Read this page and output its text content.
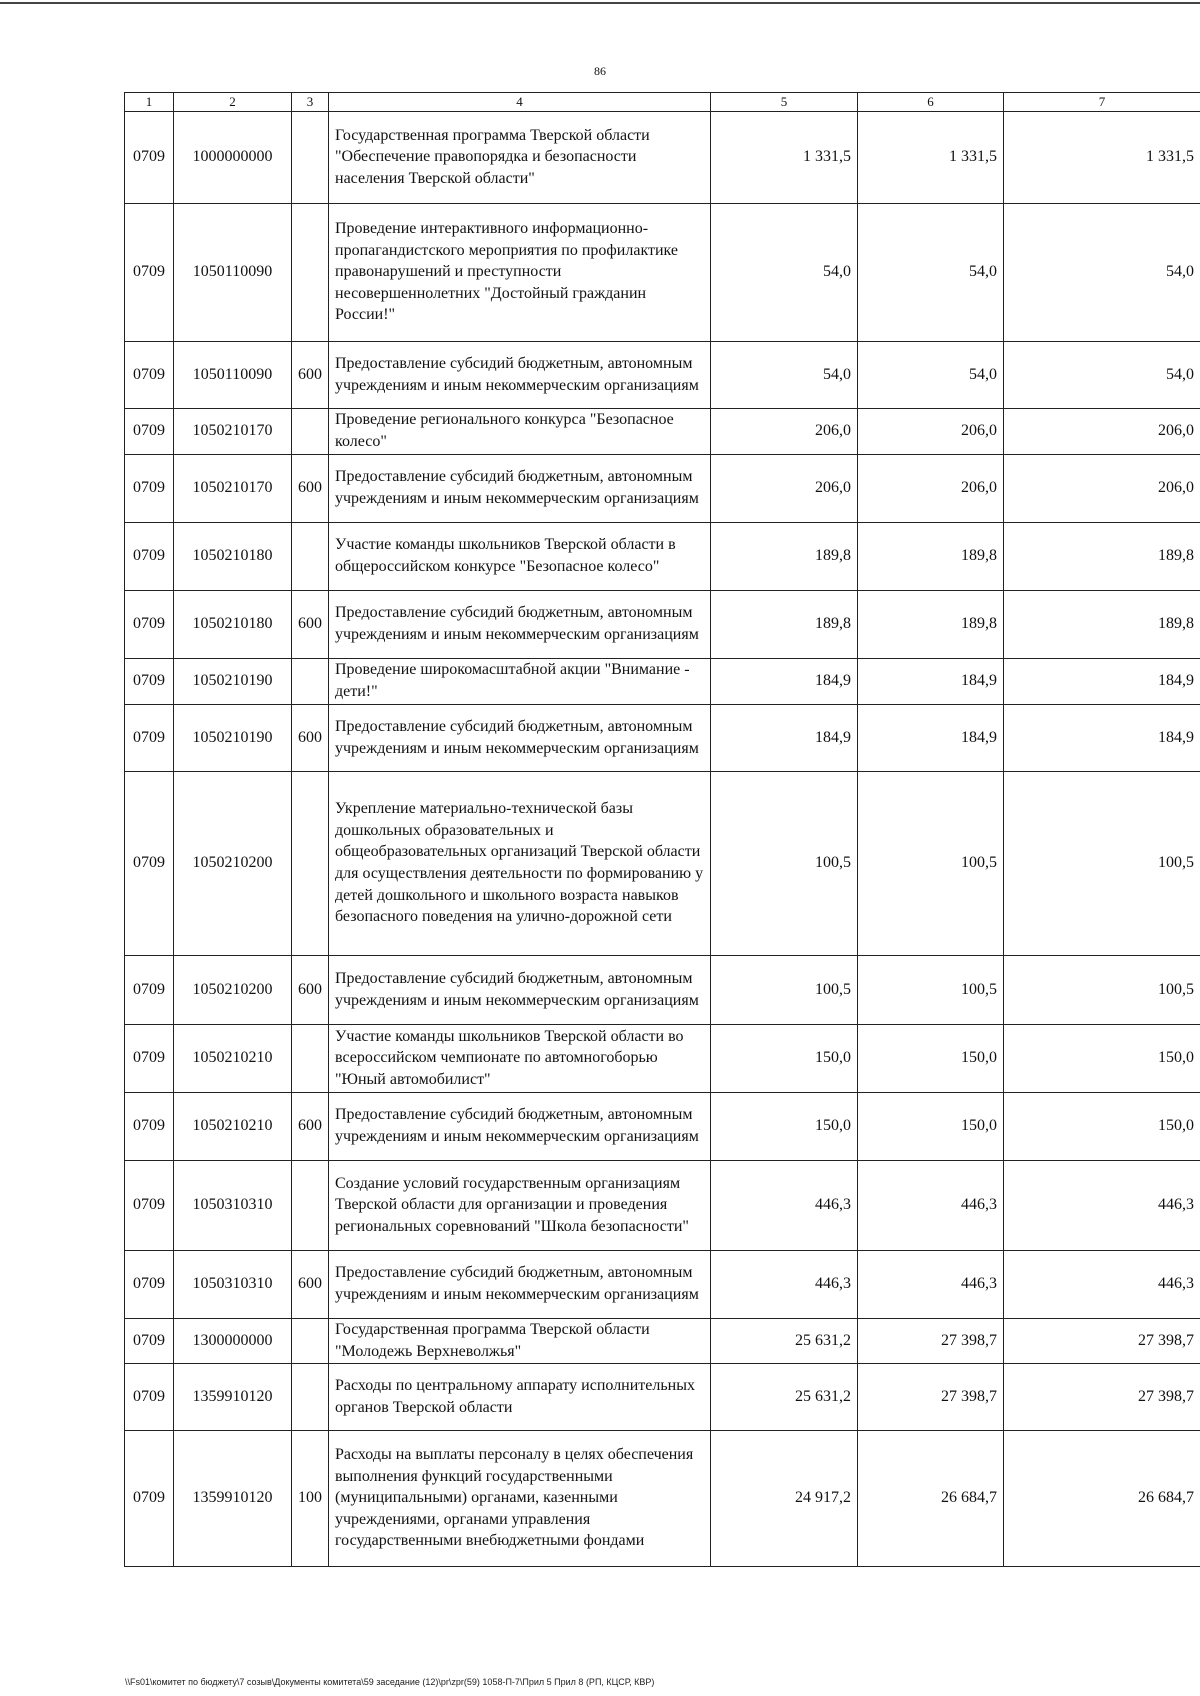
86
1	2	3	4	5	6	7
0709	1000000000		Государственная программа Тверской области "Обеспечение правопорядка и безопасности населения Тверской области"	1 331,5	1 331,5	1 331,5
0709	1050110090		Проведение интерактивного информационно-пропагандистского мероприятия по профилактике правонарушений и преступности несовершеннолетних "Достойный гражданин России!"	54,0	54,0	54,0
0709	1050110090	600	Предоставление субсидий бюджетным, автономным учреждениям и иным некоммерческим организациям	54,0	54,0	54,0
0709	1050210170		Проведение регионального конкурса "Безопасное колесо"	206,0	206,0	206,0
0709	1050210170	600	Предоставление субсидий бюджетным, автономным учреждениям и иным некоммерческим организациям	206,0	206,0	206,0
0709	1050210180		Участие команды школьников Тверской области в общероссийском конкурсе "Безопасное колесо"	189,8	189,8	189,8
0709	1050210180	600	Предоставление субсидий бюджетным, автономным учреждениям и иным некоммерческим организациям	189,8	189,8	189,8
0709	1050210190		Проведение широкомасштабной акции "Внимание - дети!"	184,9	184,9	184,9
0709	1050210190	600	Предоставление субсидий бюджетным, автономным учреждениям и иным некоммерческим организациям	184,9	184,9	184,9
0709	1050210200		Укрепление материально-технической базы дошкольных образовательных и общеобразовательных организаций Тверской области для осуществления деятельности по формированию у детей дошкольного и школьного возраста навыков безопасного поведения на улично-дорожной сети	100,5	100,5	100,5
0709	1050210200	600	Предоставление субсидий бюджетным, автономным учреждениям и иным некоммерческим организациям	100,5	100,5	100,5
0709	1050210210		Участие команды школьников Тверской области во всероссийском чемпионате по автомногоборью "Юный автомобилист"	150,0	150,0	150,0
0709	1050210210	600	Предоставление субсидий бюджетным, автономным учреждениям и иным некоммерческим организациям	150,0	150,0	150,0
0709	1050310310		Создание условий государственным организациям Тверской области для организации и проведения региональных соревнований "Школа безопасности"	446,3	446,3	446,3
0709	1050310310	600	Предоставление субсидий бюджетным, автономным учреждениям и иным некоммерческим организациям	446,3	446,3	446,3
0709	1300000000		Государственная программа Тверской области "Молодежь Верхневолжья"	25 631,2	27 398,7	27 398,7
0709	1359910120		Расходы по центральному аппарату исполнительных органов Тверской области	25 631,2	27 398,7	27 398,7
0709	1359910120	100	Расходы на выплаты персоналу в целях обеспечения выполнения функций государственными (муниципальными) органами, казенными учреждениями, органами управления государственными внебюджетными фондами	24 917,2	26 684,7	26 684,7
\\Fs01\комитет по бюджету\7 созыв\Документы комитета\59 заседание (12)\pr\zpr(59) 1058-П-7\Прил 5 Прил 8 (РП, КЦСР, КВР)
